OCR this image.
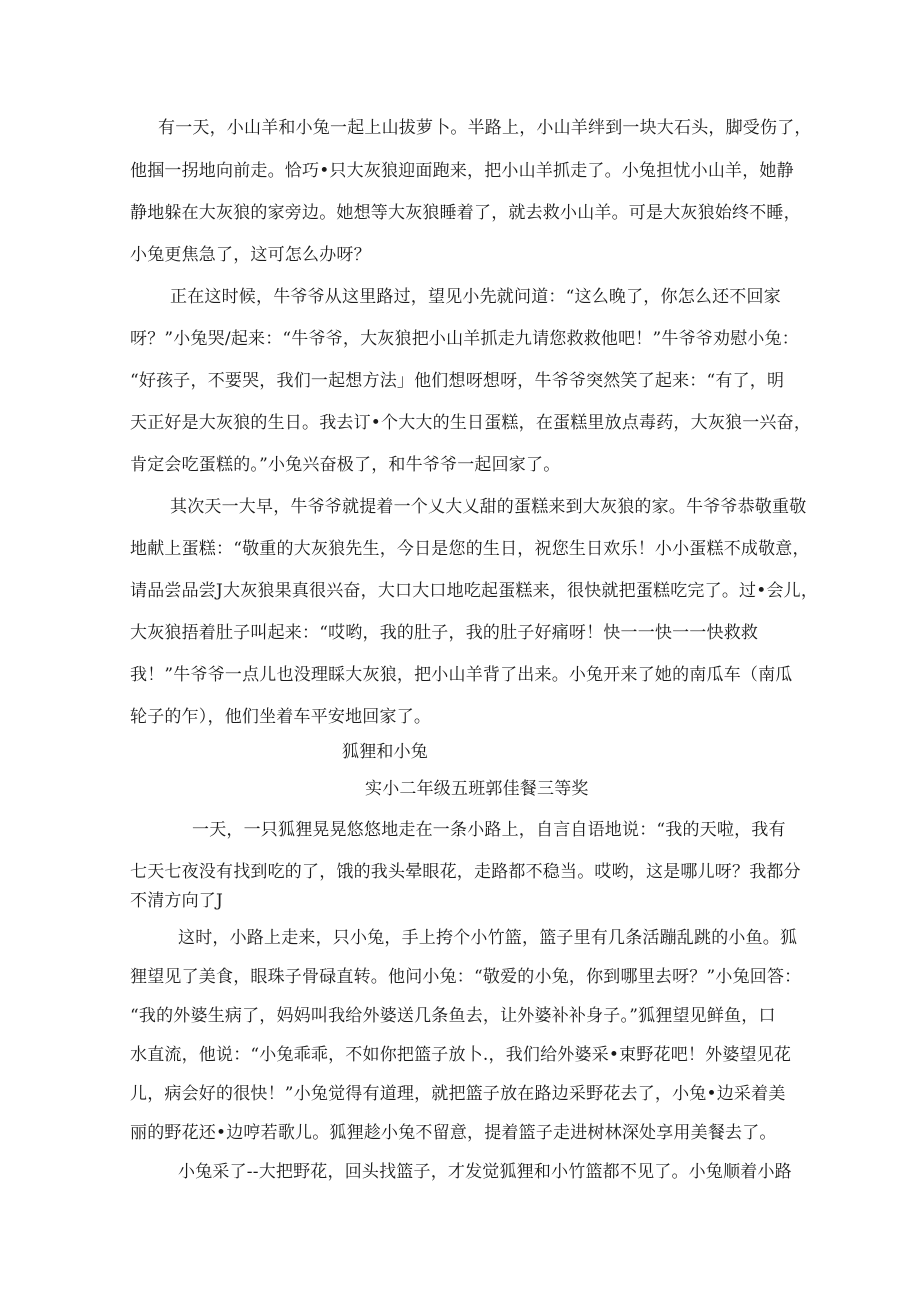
有一天，小山羊和小兔一起上山拔萝卜。半路上，小山羊绊到一块大石头，脚受伤了，
他掴一拐地向前走。恰巧•只大灰狼迎面跑来，把小山羊抓走了。小兔担忧小山羊，她静
静地躲在大灰狼的家旁边。她想等大灰狼睡着了，就去救小山羊。可是大灰狼始终不睡，
小兔更焦急了，这可怎么办呀？
正在这时候，牛爷爷从这里路过，望见小先就问道：“这么晚了，你怎么还不回家
呀？”小兔哭/起来：“牛爷爷，大灰狼把小山羊抓走九请您救救他吧！”牛爷爷劝慰小兔：
“好孩子，不要哭，我们一起想方法」他们想呀想呀，牛爷爷突然笑了起来：“有了，明
天正好是大灰狼的生日。我去订•个大大的生日蛋糕，在蛋糕里放点毒药，大灰狼一兴奋，
肯定会吃蛋糕的。”小兔兴奋极了，和牛爷爷一起回家了。
其次天一大早，牛爷爷就提着一个乂大乂甜的蛋糕来到大灰狼的家。牛爷爷恭敬重敬
地献上蛋糕：“敬重的大灰狼先生，今日是您的生日，祝您生日欢乐！小小蛋糕不成敬意，
请品尝品尝J大灰狼果真很兴奋，大口大口地吃起蛋糕来，很快就把蛋糕吃完了。过•会儿，
大灰狼捂着肚子叫起来：“哎哟，我的肚子，我的肚子好痛呀！快一一快一一快救救
我！”牛爷爷一点儿也没理睬大灰狼，把小山羊背了出来。小兔开来了她的南瓜车（南瓜
轮子的乍），他们坐着车平安地回家了。
狐狸和小兔
实小二年级五班郭佳餐三等奖
一天，一只狐狸晃晃悠悠地走在一条小路上，自言自语地说：“我的天啦，我有
七天七夜没有找到吃的了，饿的我头晕眼花，走路都不稳当。哎哟，这是哪儿呀？我都分
不清方向了J
这时，小路上走来，只小兔，手上挎个小竹篮，篮子里有几条活蹦乱跳的小鱼。狐
狸望见了美食，眼珠子骨碌直转。他问小兔：“敬爱的小兔，你到哪里去呀？”小兔回答：
“我的外婆生病了，妈妈叫我给外婆送几条鱼去，让外婆补补身子。”狐狸望见鲜鱼，口
水直流，他说：“小兔乖乖，不如你把篮子放卜.，我们给外婆采•束野花吧！外婆望见花
儿，病会好的很快！”小兔觉得有道理，就把篮子放在路边采野花去了，小兔•边采着美
丽的野花还•边哼若歌儿。狐狸趁小兔不留意，提着篮子走进树林深处享用美餐去了。
小兔采了--大把野花，回头找篮子，才发觉狐狸和小竹篮都不见了。小兔顺着小路
